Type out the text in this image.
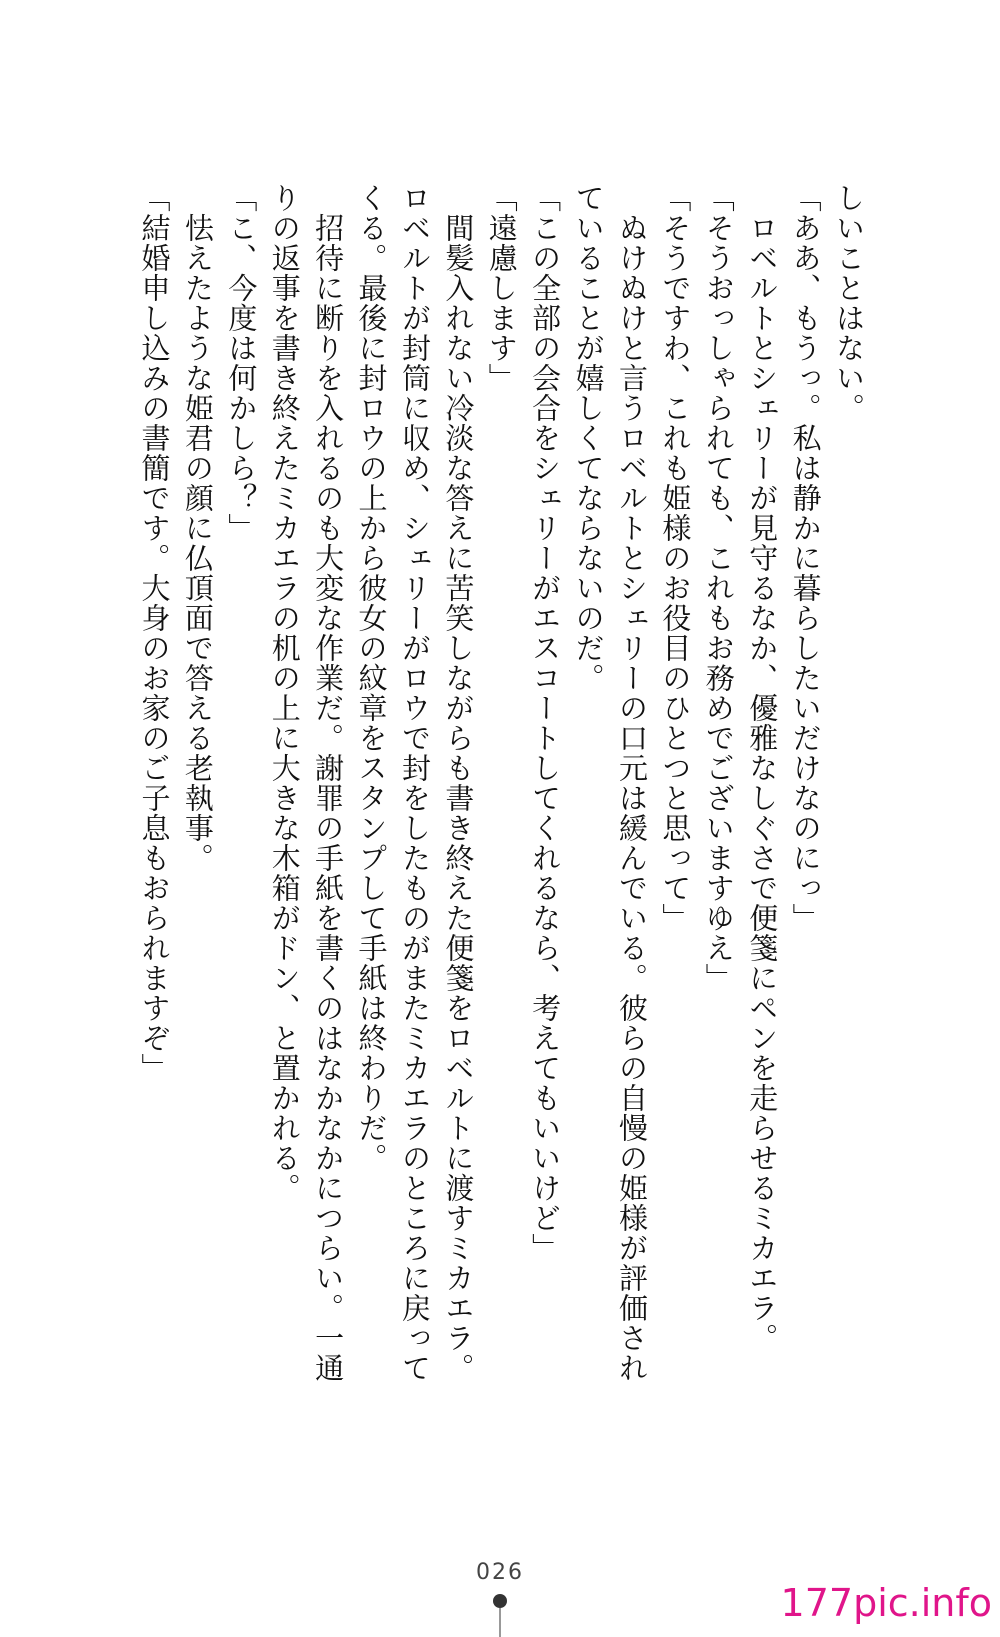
しいことはない。
「ああ、もうっ。私は静かに暮らしたいだけなのにっ」
　ロベルトとシェリーが見守るなか、優雅なしぐさで便箋にペンを走らせるミカエラ。
「そうおっしゃられても、これもお務めでございますゆえ」
「そうですわ、これも姫様のお役目のひとつと思って」
　ぬけぬけと言うロベルトとシェリーの口元は緩んでいる。彼らの自慢の姫様が評価され
ていることが嬉しくてならないのだ。
「この全部の会合をシェリーがエスコートしてくれるなら、考えてもいいけど」
「遠慮します」
　間髪入れない冷淡な答えに苦笑しながらも書き終えた便箋をロベルトに渡すミカエラ。
ロベルトが封筒に収め、シェリーがロウで封をしたものがまたミカエラのところに戻って
くる。最後に封ロウの上から彼女の紋章をスタンプして手紙は終わりだ。
　招待に断りを入れるのも大変な作業だ。謝罪の手紙を書くのはなかなかにつらい。一通
りの返事を書き終えたミカエラの机の上に大きな木箱がドン、と置かれる。
「こ、今度は何かしら？」
　怯えたような姫君の顔に仏頂面で答える老執事。
「結婚申し込みの書簡です。大身のお家のご子息もおられますぞ」
026
177pic.info
